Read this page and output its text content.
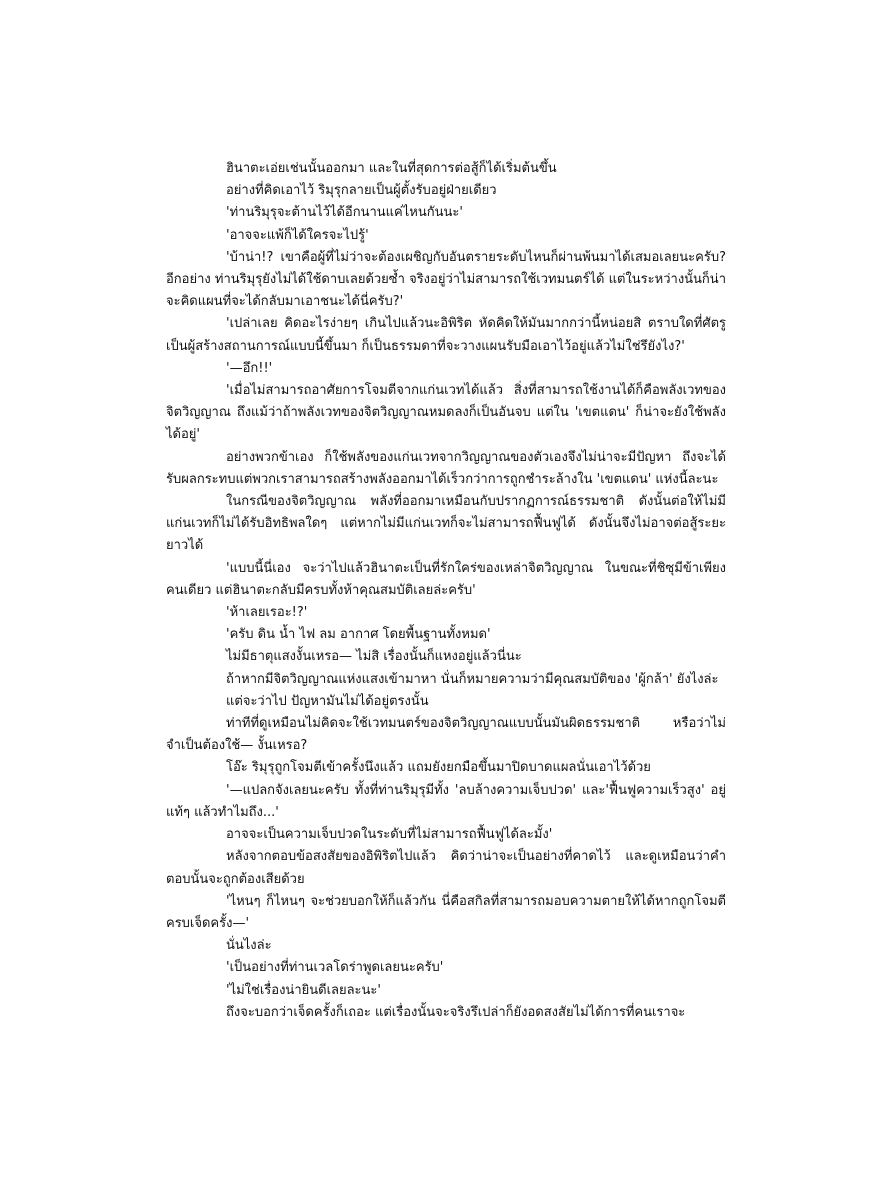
ฮินาตะเอ่ยเช่นนั้นออกมา และในที่สุดการต่อสู้ก็ได้เริ่มต้นขึ้น

อย่างที่คิดเอาไว้ ริมุรุกลายเป็นผู้ตั้งรับอยู่ฝ่ายเดียว

'ท่านริมุรุจะต้านไว้ได้อีกนานแค่ไหนกันนะ'

'อาจจะแพ้ก็ได้ใครจะไปรู้'

'บ้าน่า!? เขาคือผู้ที่ไม่ว่าจะต้องเผชิญกับอันตรายระดับไหนก็ผ่านพ้นมาได้เสมอเลยนะครับ? อีกอย่าง ท่านริมุรุยังไม่ได้ใช้ดาบเลยด้วยซ้ำ จริงอยู่ว่าไม่สามารถใช้เวทมนตร์ได้ แต่ในระหว่างนั้นก็น่าจะคิดแผนที่จะได้กลับมาเอาชนะได้นี่ครับ?'

'เปล่าเลย คิดอะไรง่ายๆ เกินไปแล้วนะอิพิริต หัดคิดให้มันมากกว่านี้หน่อยสิ ตราบใดที่ศัตรูเป็นผู้สร้างสถานการณ์แบบนี้ขึ้นมา ก็เป็นธรรมดาที่จะวางแผนรับมือเอาไว้อยู่แล้วไม่ใช่รึยังไง?'

'—อึก!!'

'เมื่อไม่สามารถอาศัยการโจมตีจากแก่นเวทได้แล้ว สิ่งที่สามารถใช้งานได้ก็คือพลังเวทของจิตวิญญาณ ถึงแม้ว่าถ้าพลังเวทของจิตวิญญาณหมดลงก็เป็นอันจบ แต่ใน 'เขตแดน' ก็น่าจะยังใช้พลังได้อยู่'

อย่างพวกข้าเอง ก็ใช้พลังของแก่นเวทจากวิญญาณของตัวเองจึงไม่น่าจะมีปัญหา ถึงจะได้รับผลกระทบแต่พวกเราสามารถสร้างพลังออกมาได้เร็วกว่าการถูกชำระล้างใน 'เขตแดน' แห่งนี้ละนะ

ในกรณีของจิตวิญญาณ พลังที่ออกมาเหมือนกับปรากฏการณ์ธรรมชาติ ดังนั้นต่อให้ไม่มีแก่นเวทก็ไม่ได้รับอิทธิพลใดๆ แต่หากไม่มีแก่นเวทก็จะไม่สามารถฟื้นฟูได้ ดังนั้นจึงไม่อาจต่อสู้ระยะยาวได้

'แบบนี้นี่เอง จะว่าไปแล้วฮินาตะเป็นที่รักใคร่ของเหล่าจิตวิญญาณ ในขณะที่ชิซุมีข้าเพียงคนเดียว แต่ฮินาตะกลับมีครบทั้งห้าคุณสมบัติเลยล่ะครับ'

'ห้าเลยเรอะ!?'

'ครับ ดิน น้ำ ไฟ ลม อากาศ โดยพื้นฐานทั้งหมด'

ไม่มีธาตุแสงงั้นเหรอ— ไม่สิ เรื่องนั้นก็แหงอยู่แล้วนี่นะ

ถ้าหากมีจิตวิญญาณแห่งแสงเข้ามาหา นั่นก็หมายความว่ามีคุณสมบัติของ 'ผู้กล้า' ยังไงล่ะ

แต่จะว่าไป ปัญหามันไม่ได้อยู่ตรงนั้น

ท่าทีที่ดูเหมือนไม่คิดจะใช้เวทมนตร์ของจิตวิญญาณแบบนั้นมันผิดธรรมชาติ หรือว่าไม่จำเป็นต้องใช้— งั้นเหรอ?

โอ๊ะ ริมุรุถูกโจมตีเข้าครั้งนึงแล้ว แถมยังยกมือขึ้นมาปิดบาดแผลนั่นเอาไว้ด้วย

'—แปลกจังเลยนะครับ ทั้งที่ท่านริมุรุมีทั้ง 'ลบล้างความเจ็บปวด' และ'ฟื้นฟูความเร็วสูง' อยู่แท้ๆ แล้วทำไมถึง...'

อาจจะเป็นความเจ็บปวดในระดับที่ไม่สามารถฟื้นฟูได้ละมั้ง'

หลังจากตอบข้อสงสัยของอิพิริตไปแล้ว คิดว่าน่าจะเป็นอย่างที่คาดไว้ และดูเหมือนว่าคำตอบนั้นจะถูกต้องเสียด้วย

'ไหนๆ ก็ไหนๆ จะช่วยบอกให้ก็แล้วกัน นี่คือสกิลที่สามารถมอบความตายให้ได้หากถูกโจมตีครบเจ็ดครั้ง—'

นั่นไงล่ะ

'เป็นอย่างที่ท่านเวลโดร่าพูดเลยนะครับ'

'ไม่ใช่เรื่องน่ายินดีเลยละนะ'

ถึงจะบอกว่าเจ็ดครั้งก็เถอะ แต่เรื่องนั้นจะจริงรึเปล่าก็ยังอดสงสัยไม่ได้การที่คนเราจะ
